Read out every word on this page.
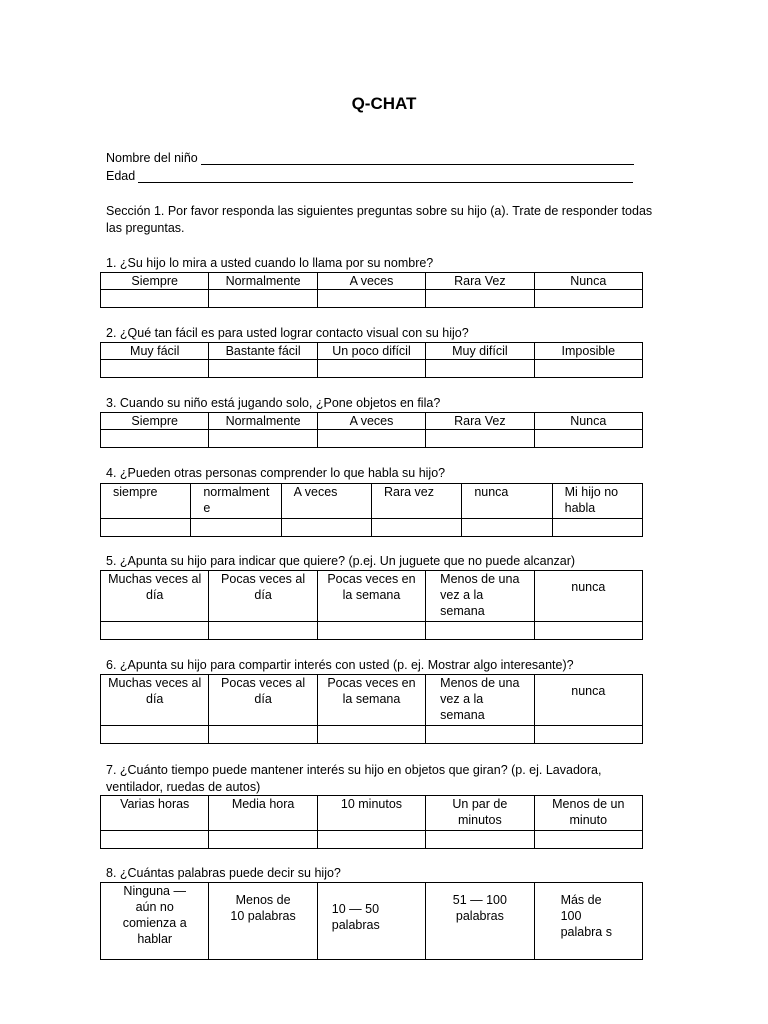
Q-CHAT
Nombre del niño
Edad
Sección 1. Por favor responda las siguientes preguntas sobre su hijo (a). Trate de responder todas las preguntas.
1. ¿Su hijo lo mira a usted cuando lo llama por su nombre?
Siempre	Normalmente	A veces	Rara Vez	Nunca

2. ¿Qué tan fácil es para usted lograr contacto visual con su hijo?
Muy fácil	Bastante fácil	Un poco difícil	Muy difícil	Imposible

3. Cuando su niño está jugando solo, ¿Pone objetos en fila?
Siempre	Normalmente	A veces	Rara Vez	Nunca

4. ¿Pueden otras personas comprender lo que habla su hijo?
siempre	normalment e	A veces	Rara vez	nunca	Mi hijo no habla

5. ¿Apunta su hijo para indicar que quiere? (p.ej. Un juguete que no puede alcanzar)
Muchas veces al día	Pocas veces al día	Pocas veces en la semana	Menos de una vez a la semana	nunca

6. ¿Apunta su hijo para compartir interés con usted (p. ej. Mostrar algo interesante)?
Muchas veces al día	Pocas veces al día	Pocas veces en la semana	Menos de una vez a la semana	nunca

7. ¿Cuánto tiempo puede mantener interés su hijo en objetos que giran? (p. ej. Lavadora, ventilador, ruedas de autos)
Varias horas	Media hora	10 minutos	Un par de minutos	Menos de un minuto

8. ¿Cuántas palabras puede decir su hijo?
Ninguna — aún no comienza a hablar	Menos de 10 palabras	10 — 50 palabras	51 — 100 palabras	Más de 100 palabra s
